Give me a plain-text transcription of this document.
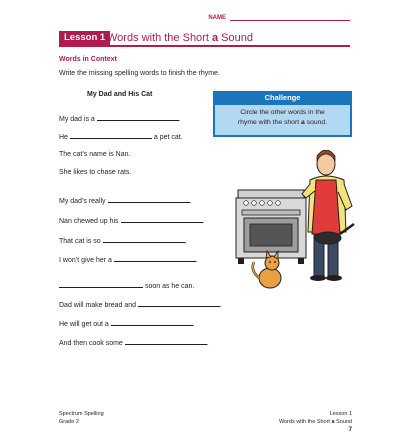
NAME
Lesson 1 Words with the Short a Sound
Words in Context
Write the missing spelling words to finish the rhyme.
My Dad and His Cat
My dad is a	.
He	a pet cat.
The cat’s name is Nan.
She likes to chase rats.
My dad’s really	.
Nan chewed up his	.
That cat is so	,
I won’t give her a	.
soon as he can.
Dad will make bread and	.
He will get out a	.
And then cook some	.
Challenge
Circle the other words in the
rhyme with the short a sound.
Spectrum Spelling
Grade 2
Lesson 1
Words with the Short a Sound
7
